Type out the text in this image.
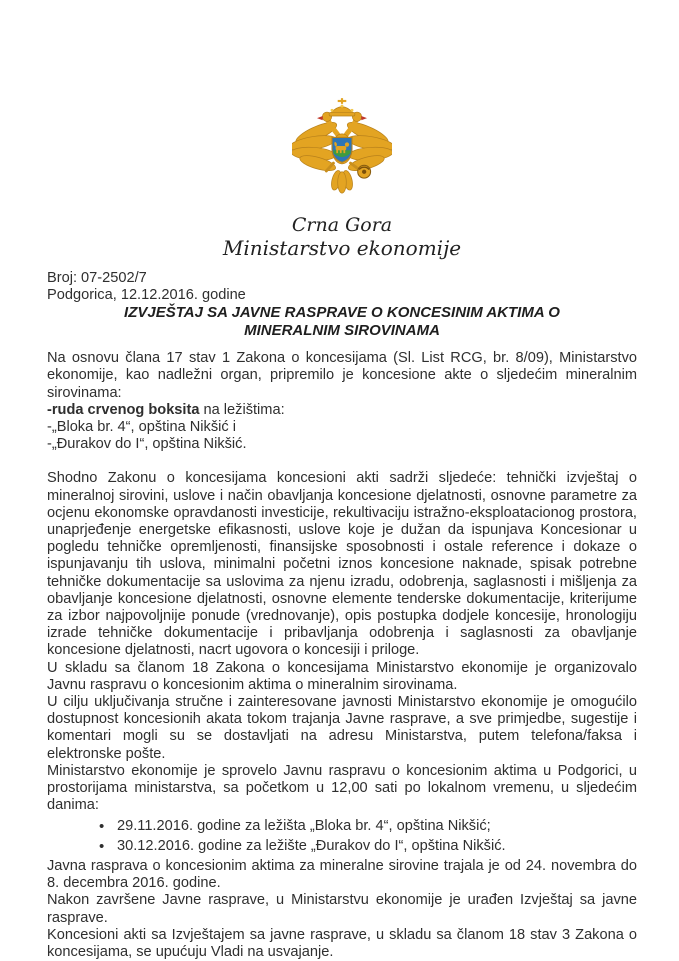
Crna Gora
Ministarstvo ekonomije
Broj: 07-2502/7
Podgorica, 12.12.2016. godine
IZVJEŠTAJ SA JAVNE RASPRAVE O KONCESINIM AKTIMA O
MINERALNIM SIROVINAMA

Na osnovu člana 17 stav 1 Zakona o koncesijama (Sl. List RCG, br. 8/09), Ministarstvo ekonomije, kao nadležni organ, pripremilo je koncesione akte o sljedećim mineralnim sirovinama:
-ruda crvenog boksita na ležištima:
-„Bloka br. 4“, opština Nikšić i
-„Đurakov do I“, opština Nikšić.

Shodno Zakonu o koncesijama koncesioni akti sadrži sljedeće: tehnički izvještaj o mineralnoj sirovini, uslove i način obavljanja koncesione djelatnosti, osnovne parametre za ocjenu ekonomske opravdanosti investicije, rekultivaciju istražno-eksploatacionog prostora, unaprjeđenje energetske efikasnosti, uslove koje je dužan da ispunjava Koncesionar u pogledu tehničke opremljenosti, finansijske sposobnosti i ostale reference i dokaze o ispunjavanju tih uslova, minimalni početni iznos koncesione naknade, spisak potrebne tehničke dokumentacije sa uslovima za njenu izradu, odobrenja, saglasnosti i mišljenja za obavljanje koncesione djelatnosti, osnovne elemente tenderske dokumentacije, kriterijume za izbor najpovoljnije ponude (vrednovanje), opis postupka dodjele koncesije, hronologiju izrade tehničke dokumentacije i pribavljanja odobrenja i saglasnosti za obavljanje koncesione djelatnosti, nacrt ugovora o koncesiji i priloge.

U skladu sa članom 18 Zakona o koncesijama Ministarstvo ekonomije je organizovalo Javnu raspravu o koncesionim aktima o mineralnim sirovinama.

U cilju uključivanja stručne i zainteresovane javnosti Ministarstvo ekonomije je omogućilo dostupnost koncesionih akata tokom trajanja Javne rasprave, a sve primjedbe, sugestije i komentari mogli su se dostavljati na adresu Ministarstva, putem telefona/faksa i elektronske pošte.

Ministarstvo ekonomije je sprovelo Javnu raspravu o koncesionim aktima u Podgorici, u prostorijama ministarstva, sa početkom u 12,00 sati po lokalnom vremenu, u sljedećim danima:

• 29.11.2016. godine za ležišta „Bloka br. 4“, opština Nikšić;
• 30.12.2016. godine za ležište „Đurakov do I“, opština Nikšić.

Javna rasprava o koncesionim aktima za mineralne sirovine trajala je od 24. novembra do 8. decembra 2016. godine.

Nakon završene Javne rasprave, u Ministarstvu ekonomije je urađen Izvještaj sa javne rasprave.

Koncesioni akti sa Izvještajem sa javne rasprave, u skladu sa članom 18 stav 3 Zakona o koncesijama, se upućuju Vladi na usvajanje.
